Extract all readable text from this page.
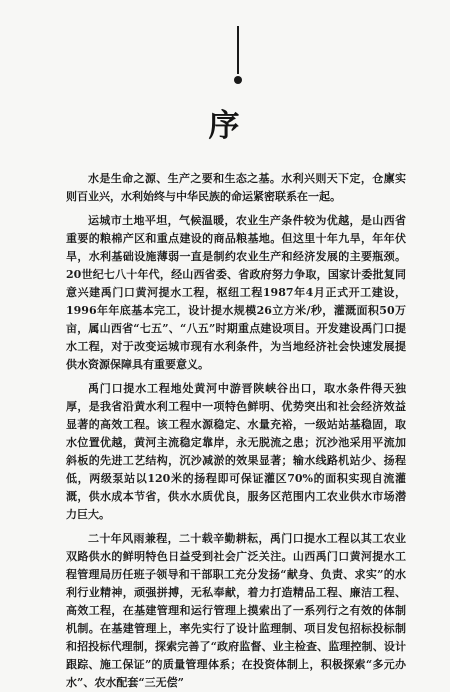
序

水是生命之源、生产之要和生态之基。水利兴则天下定，仓廪实则百业兴，水利始终与中华民族的命运紧密联系在一起。

运城市土地平坦，气候温暖，农业生产条件较为优越，是山西省重要的粮棉产区和重点建设的商品粮基地。但这里十年九旱，年年伏旱，水利基础设施薄弱一直是制约农业生产和经济发展的主要瓶颈。20世纪七八十年代，经山西省委、省政府努力争取，国家计委批复同意兴建禹门口黄河提水工程，枢纽工程1987年4月正式开工建设，1996年年底基本完工，设计提水规模26立方米/秒，灌溉面积50万亩，属山西省“七五”、“八五”时期重点建设项目。开发建设禹门口提水工程，对于改变运城市现有水利条件，为当地经济社会快速发展提供水资源保障具有重要意义。

禹门口提水工程地处黄河中游晋陕峡谷出口，取水条件得天独厚，是我省沿黄水利工程中一项特色鲜明、优势突出和社会经济效益显著的高效工程。该工程水源稳定、水量充裕，一级站站基稳固，取水位置优越，黄河主流稳定靠岸，永无脱流之患；沉沙池采用平流加斜板的先进工艺结构，沉沙减淤的效果显著；输水线路机站少、扬程低，两级泵站以120米的扬程即可保证灌区70%的面积实现自流灌溉，供水成本节省，供水水质优良，服务区范围内工农业供水市场潜力巨大。

二十年风雨兼程，二十载辛勤耕耘，禹门口提水工程以其工农业双路供水的鲜明特色日益受到社会广泛关注。山西禹门口黄河提水工程管理局历任班子领导和干部职工充分发扬“献身、负责、求实”的水利行业精神，顽强拼搏，无私奉献，着力打造精品工程、廉洁工程、高效工程，在基建管理和运行管理上摸索出了一系列行之有效的体制机制。在基建管理上，率先实行了设计监理制、项目发包招标投标制和招投标代理制，探索完善了“政府监督、业主检查、监理控制、设计跟踪、施工保证”的质量管理体系；在投资体制上，积极探索“多元办水”、农水配套“三无偿”
